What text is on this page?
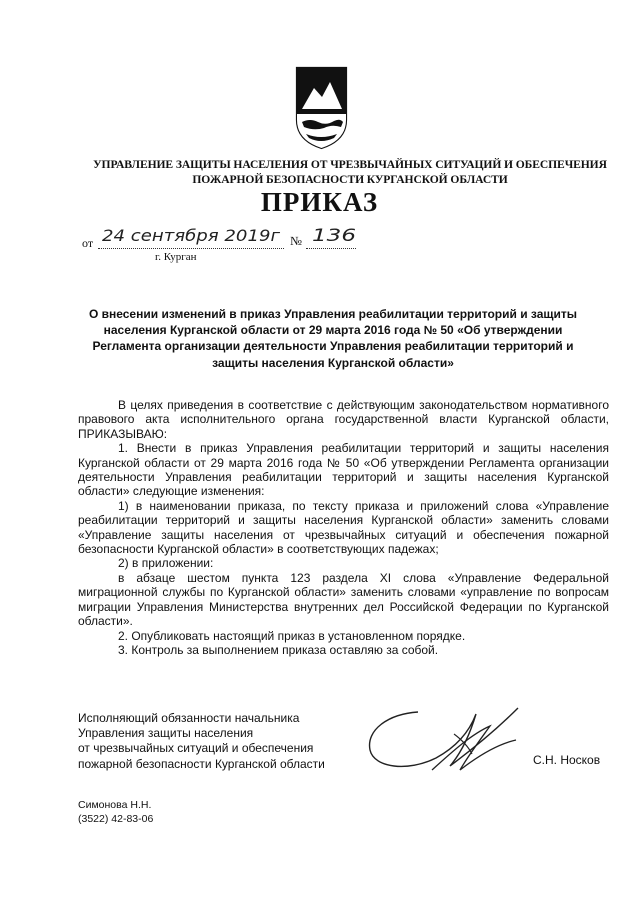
УПРАВЛЕНИЕ ЗАЩИТЫ НАСЕЛЕНИЯ ОТ ЧРЕЗВЫЧАЙНЫХ СИТУАЦИЙ И ОБЕСПЕЧЕНИЯ
ПОЖАРНОЙ БЕЗОПАСНОСТИ КУРГАНСКОЙ ОБЛАСТИ
ПРИКАЗ
от 24 сентября 2019г № 136
г. Курган
О внесении изменений в приказ Управления реабилитации территорий и защиты населения Курганской области от 29 марта 2016 года № 50 «Об утверждении Регламента организации деятельности Управления реабилитации территорий и защиты населения Курганской области»

В целях приведения в соответствие с действующим законодательством нормативного правового акта исполнительного органа государственной власти Курганской области, ПРИКАЗЫВАЮ:

1. Внести в приказ Управления реабилитации территорий и защиты населения Курганской области от 29 марта 2016 года № 50 «Об утверждении Регламента организации деятельности Управления реабилитации территорий и защиты населения Курганской области» следующие изменения:

1) в наименовании приказа, по тексту приказа и приложений слова «Управление реабилитации территорий и защиты населения Курганской области» заменить словами «Управление защиты населения от чрезвычайных ситуаций и обеспечения пожарной безопасности Курганской области» в соответствующих падежах;

2) в приложении:

в абзаце шестом пункта 123 раздела XI слова «Управление Федеральной миграционной службы по Курганской области» заменить словами «управление по вопросам миграции Управления Министерства внутренних дел Российской Федерации по Курганской области».

2. Опубликовать настоящий приказ в установленном порядке.

3. Контроль за выполнением приказа оставляю за собой.

Исполняющий обязанности начальника
Управления защиты населения
от чрезвычайных ситуаций и обеспечения
пожарной безопасности Курганской области	С.Н. Носков
Симонова Н.Н.
(3522) 42-83-06
